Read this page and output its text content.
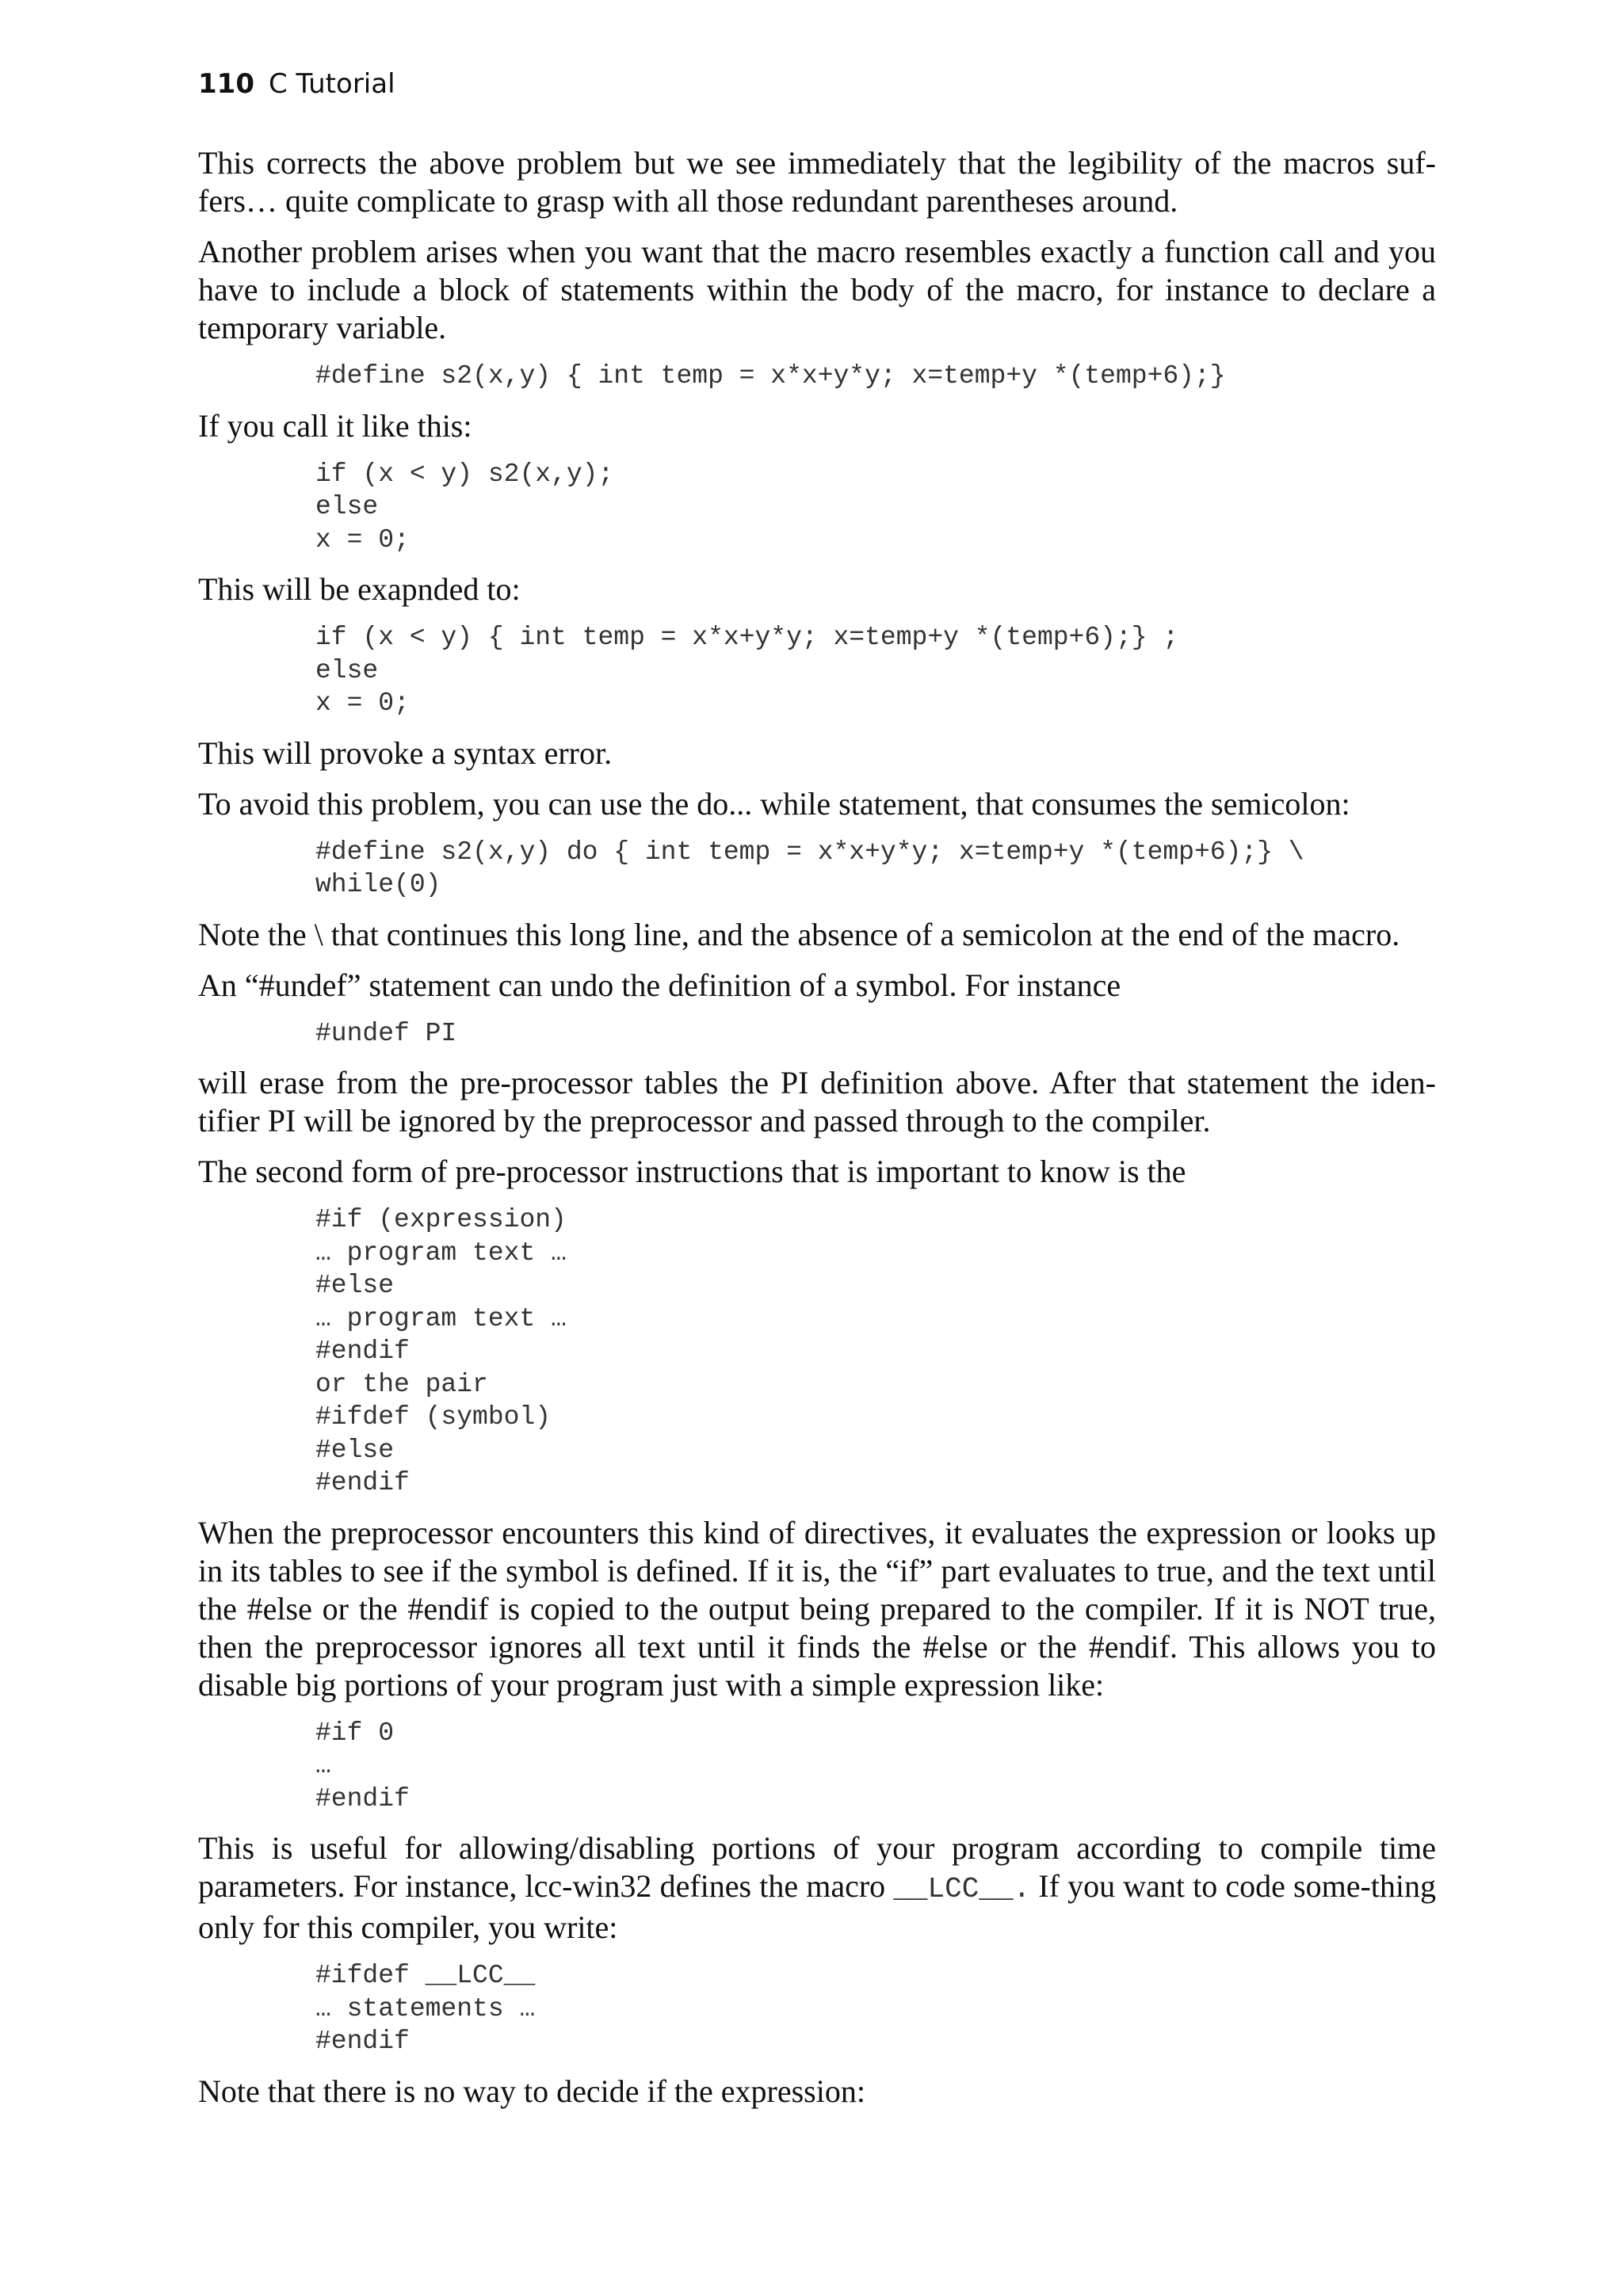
110 C Tutorial

This corrects the above problem but we see immediately that the legibility of the macros suf-fers… quite complicate to grasp with all those redundant parentheses around.

Another problem arises when you want that the macro resembles exactly a function call and you have to include a block of statements within the body of the macro, for instance to declare a temporary variable.

#define s2(x,y) { int temp = x*x+y*y; x=temp+y *(temp+6);}

If you call it like this:

if (x < y) s2(x,y);
else
x = 0;

This will be exapnded to:

if (x < y) { int temp = x*x+y*y; x=temp+y *(temp+6);} ;
else
x = 0;

This will provoke a syntax error.

To avoid this problem, you can use the do... while statement, that consumes the semicolon:

#define s2(x,y) do { int temp = x*x+y*y; x=temp+y *(temp+6);} \
while(0)

Note the \ that continues this long line, and the absence of a semicolon at the end of the macro.

An “#undef” statement can undo the definition of a symbol. For instance

#undef PI

will erase from the pre-processor tables the PI definition above. After that statement the iden-tifier PI will be ignored by the preprocessor and passed through to the compiler.

The second form of pre-processor instructions that is important to know is the

#if (expression)
… program text …
#else
… program text …
#endif
or the pair
#ifdef (symbol)
#else
#endif

When the preprocessor encounters this kind of directives, it evaluates the expression or looks up in its tables to see if the symbol is defined. If it is, the “if” part evaluates to true, and the text until the #else or the #endif is copied to the output being prepared to the compiler. If it is NOT true, then the preprocessor ignores all text until it finds the #else or the #endif. This allows you to disable big portions of your program just with a simple expression like:

#if 0
…
#endif

This is useful for allowing/disabling portions of your program according to compile time parameters. For instance, lcc-win32 defines the macro __LCC__. If you want to code some-thing only for this compiler, you write:

#ifdef __LCC__
… statements …
#endif

Note that there is no way to decide if the expression:
